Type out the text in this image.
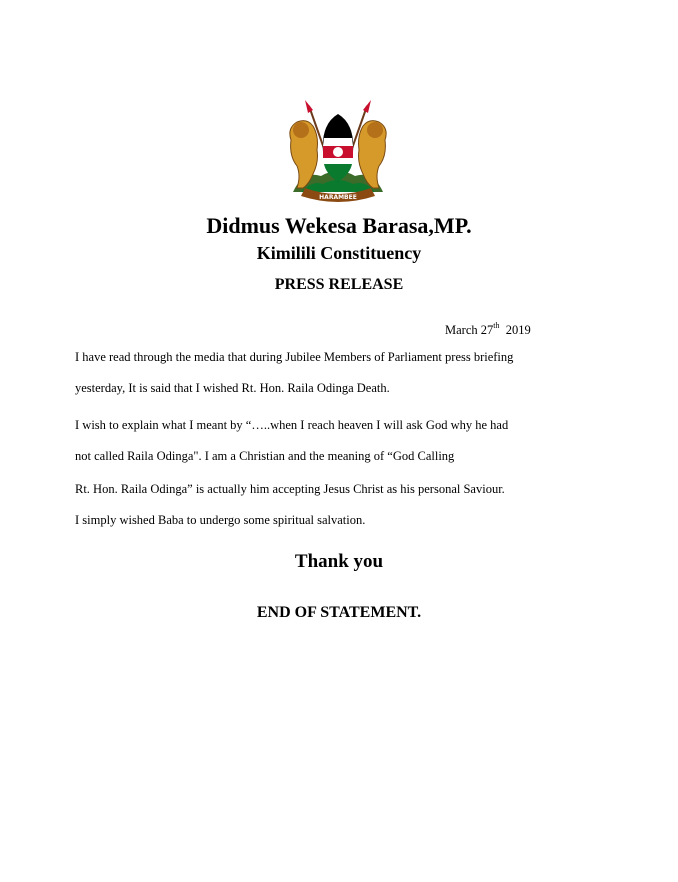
HARAMBEE
Didmus Wekesa Barasa,MP.
Kimilili Constituency
PRESS RELEASE
March 27th 2019
I have read through the media that during Jubilee Members of Parliament press briefing
yesterday, It is said that I wished Rt. Hon. Raila Odinga Death.
I wish to explain what I meant by “…..when I reach heaven I will ask God why he had
not called Raila Odinga". I am a Christian and the meaning of “God Calling
Rt. Hon. Raila Odinga” is actually him accepting Jesus Christ as his personal Saviour.
I simply wished Baba to undergo some spiritual salvation.
Thank you
END OF STATEMENT.
